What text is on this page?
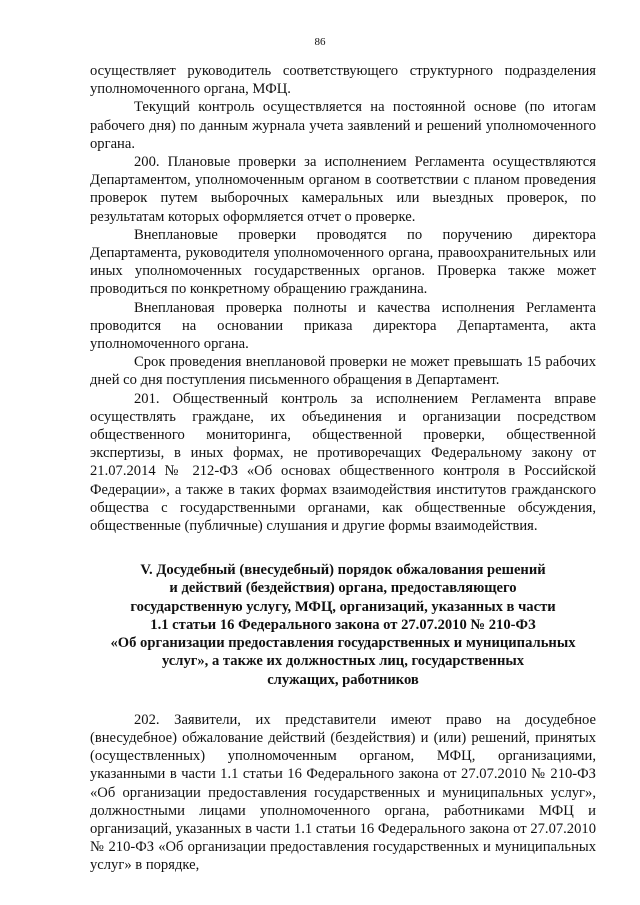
86

осуществляет руководитель соответствующего структурного подразделения уполномоченного органа, МФЦ.

Текущий контроль осуществляется на постоянной основе (по итогам рабочего дня) по данным журнала учета заявлений и решений уполномоченного органа.

200. Плановые проверки за исполнением Регламента осуществляются Департаментом, уполномоченным органом в соответствии с планом проведения проверок путем выборочных камеральных или выездных проверок, по результатам которых оформляется отчет о проверке.

Внеплановые проверки проводятся по поручению директора Департамента, руководителя уполномоченного органа, правоохранительных или иных уполномоченных государственных органов. Проверка также может проводиться по конкретному обращению гражданина.

Внеплановая проверка полноты и качества исполнения Регламента проводится на основании приказа директора Департамента, акта уполномоченного органа.

Срок проведения внеплановой проверки не может превышать 15 рабочих дней со дня поступления письменного обращения в Департамент.

201. Общественный контроль за исполнением Регламента вправе осуществлять граждане, их объединения и организации посредством общественного мониторинга, общественной проверки, общественной экспертизы, в иных формах, не противоречащих Федеральному закону от 21.07.2014 № 212-ФЗ «Об основах общественного контроля в Российской Федерации», а также в таких формах взаимодействия институтов гражданского общества с государственными органами, как общественные обсуждения, общественные (публичные) слушания и другие формы взаимодействия.

V. Досудебный (внесудебный) порядок обжалования решений
и действий (бездействия) органа, предоставляющего
государственную услугу, МФЦ, организаций, указанных в части
1.1 статьи 16 Федерального закона от 27.07.2010 № 210-ФЗ
«Об организации предоставления государственных и муниципальных
услуг», а также их должностных лиц, государственных
служащих, работников

202. Заявители, их представители имеют право на досудебное (внесудебное) обжалование действий (бездействия) и (или) решений, принятых (осуществленных) уполномоченным органом, МФЦ, организациями, указанными в части 1.1 статьи 16 Федерального закона от 27.07.2010 № 210-ФЗ «Об организации предоставления государственных и муниципальных услуг», должностными лицами уполномоченного органа, работниками МФЦ и организаций, указанных в части 1.1 статьи 16 Федерального закона от 27.07.2010 № 210-ФЗ «Об организации предоставления государственных и муниципальных услуг» в порядке,
